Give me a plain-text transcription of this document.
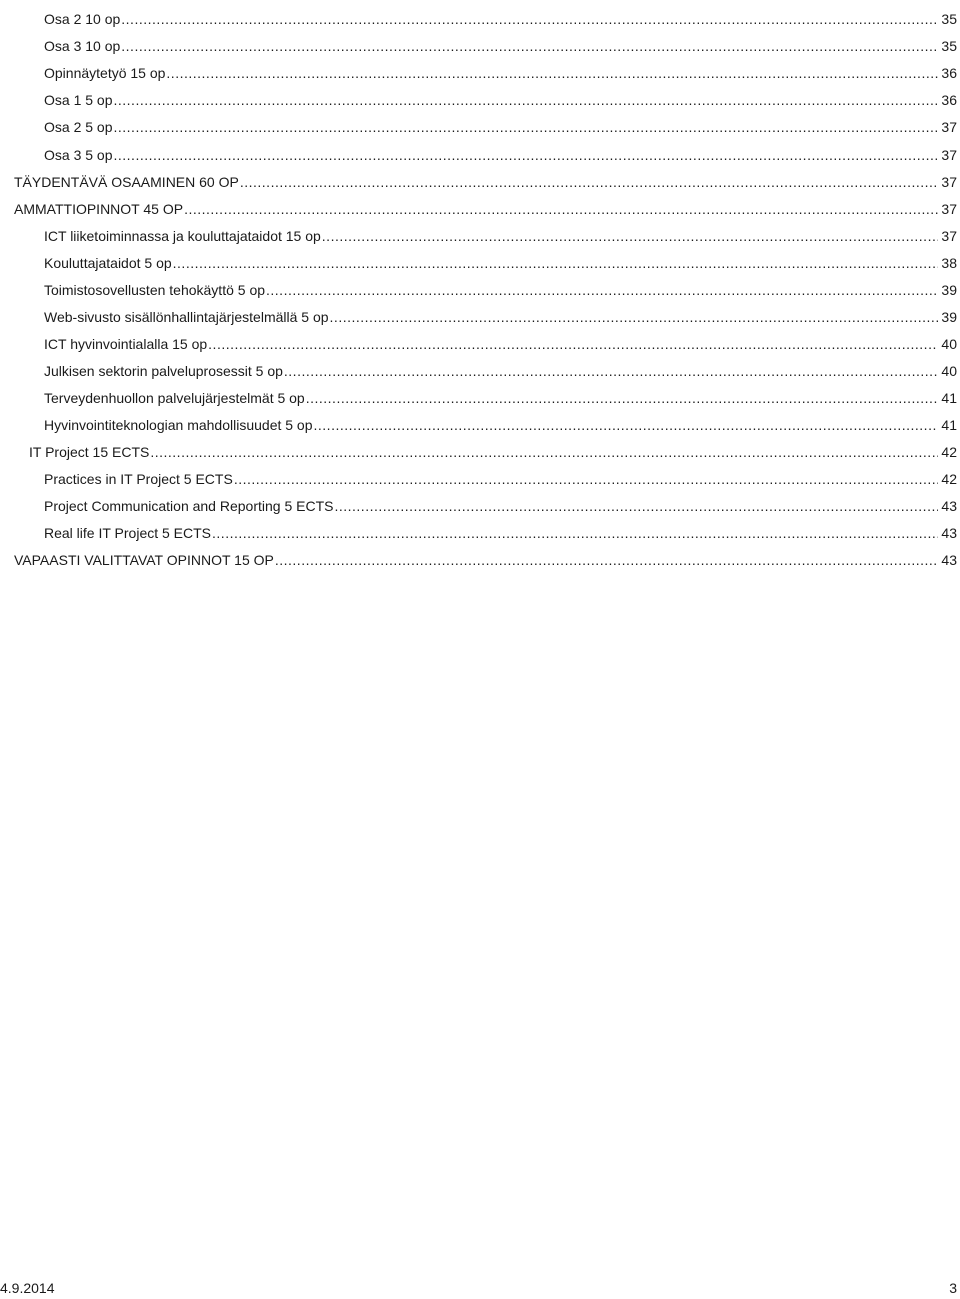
Osa 2 10 op .....	35
Osa 3 10 op .....	35
Opinnäytetyö 15 op .....	36
Osa 1 5 op .....	36
Osa 2 5 op .....	37
Osa 3 5 op .....	37
TÄYDENTÄVÄ OSAAMINEN 60 OP .....	37
AMMATTIOPINNOT 45 OP .....	37
ICT liiketoiminnassa ja kouluttajataidot 15 op .....	37
Kouluttajataidot 5 op .....	38
Toimistosovellusten tehokäyttö 5 op .....	39
Web-sivusto sisällönhallintajärjestelmällä 5 op .....	39
ICT hyvinvointialalla 15 op .....	40
Julkisen sektorin palveluprosessit 5 op .....	40
Terveydenhuollon palvelujärjestelmät 5 op .....	41
Hyvinvointiteknologian mahdollisuudet 5 op .....	41
IT Project 15 ECTS .....	42
Practices in IT Project 5 ECTS .....	42
Project Communication and Reporting 5 ECTS .....	43
Real life IT Project 5 ECTS .....	43
VAPAASTI VALITTAVAT OPINNOT 15 OP .....	43
4.9.2014	3
